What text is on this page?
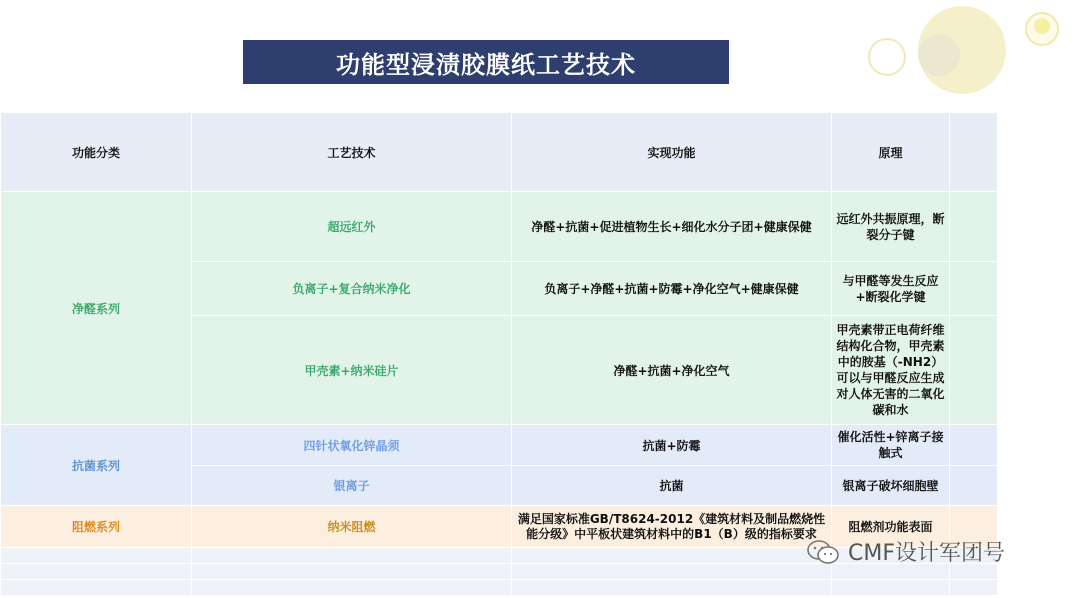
功能型浸渍胶膜纸工艺技术
功能分类	工艺技术	实现功能	原理	
净醛系列	超远红外	净醛+抗菌+促进植物生长+细化水分子团+健康保健	远红外共振原理，断裂分子键	
	负离子+复合纳米净化	负离子+净醛+抗菌+防霉+净化空气+健康保健	与甲醛等发生反应+断裂化学键	
	甲壳素+纳米硅片	净醛+抗菌+净化空气	甲壳素带正电荷纤维结构化合物，甲壳素中的胺基（-NH2）可以与甲醛反应生成对人体无害的二氧化碳和水	
抗菌系列	四针状氧化锌晶须	抗菌+防霉	催化活性+锌离子接触式	
	银离子	抗菌	银离子破坏细胞壁	
阻燃系列	纳米阻燃	满足国家标准GB/T8624-2012《建筑材料及制品燃烧性能分级》中平板状建筑材料中的B1（B）级的指标要求	阻燃剂功能表面	

CMF设计军团号
